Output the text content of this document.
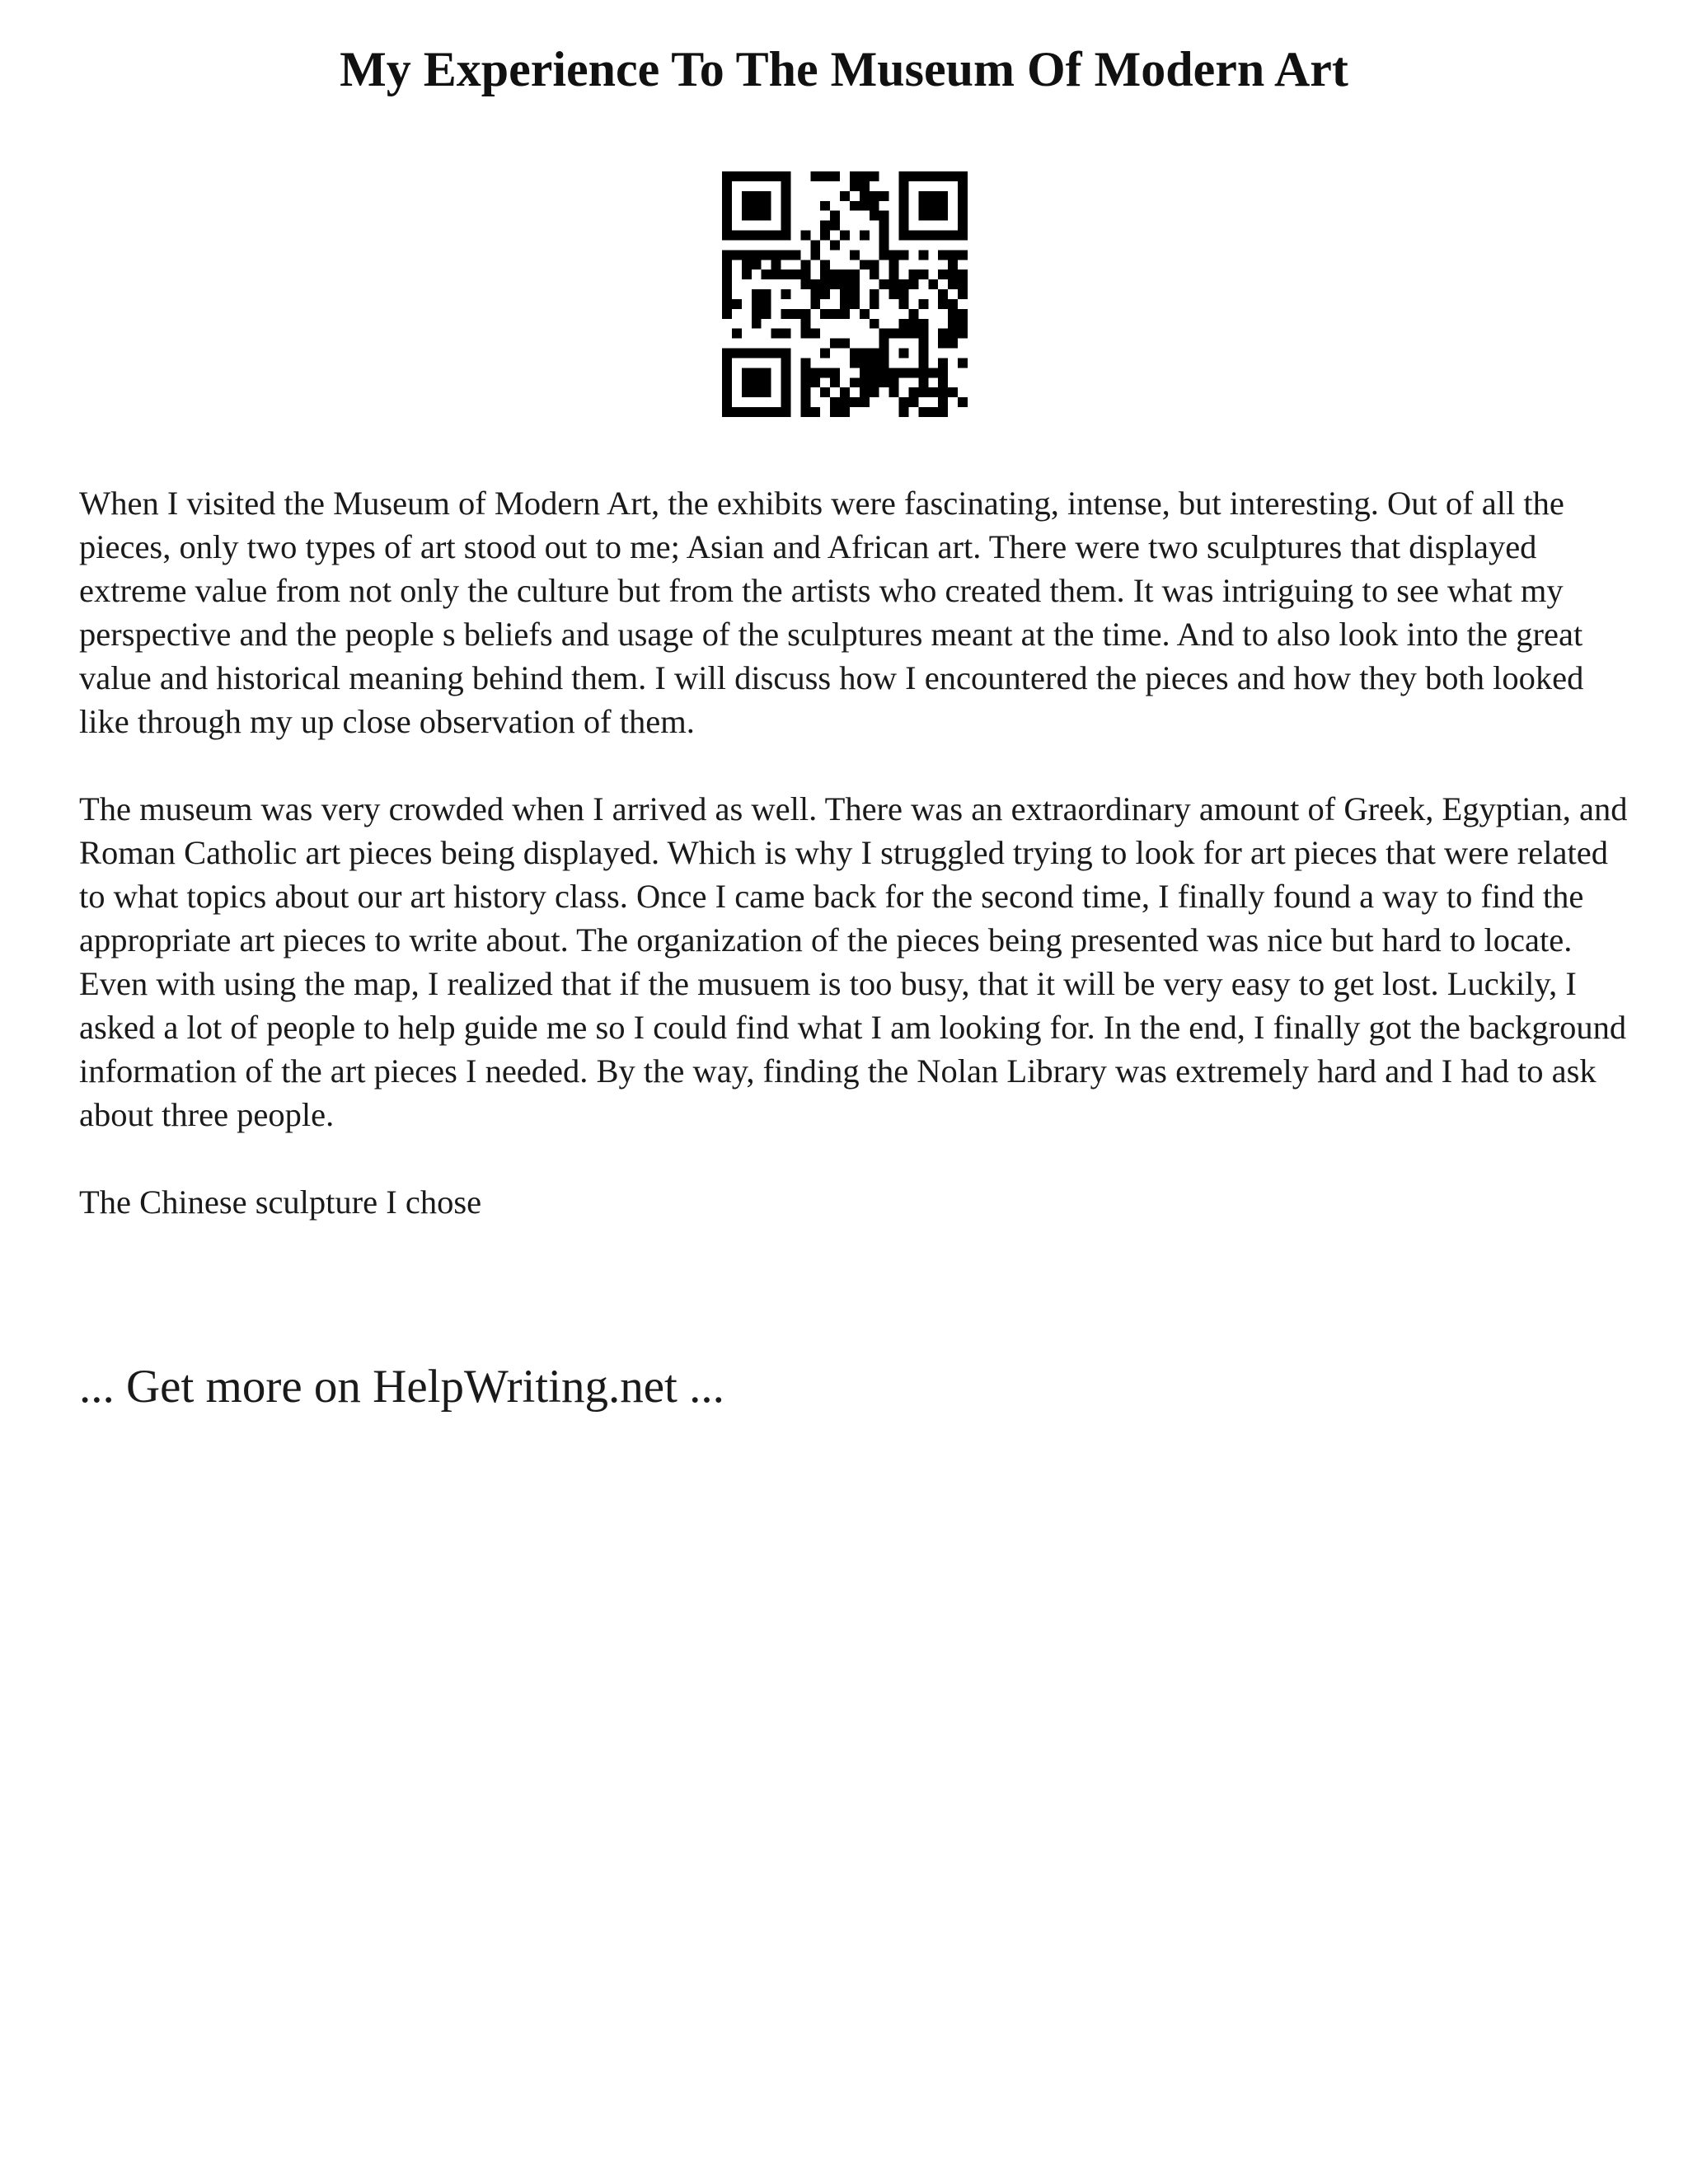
My Experience To The Museum Of Modern Art

When I visited the Museum of Modern Art, the exhibits were fascinating, intense, but interesting. Out of all the pieces, only two types of art stood out to me; Asian and African art. There were two sculptures that displayed extreme value from not only the culture but from the artists who created them. It was intriguing to see what my perspective and the people s beliefs and usage of the sculptures meant at the time. And to also look into the great value and historical meaning behind them. I will discuss how I encountered the pieces and how they both looked like through my up close observation of them.

The museum was very crowded when I arrived as well. There was an extraordinary amount of Greek, Egyptian, and Roman Catholic art pieces being displayed. Which is why I struggled trying to look for art pieces that were related to what topics about our art history class. Once I came back for the second time, I finally found a way to find the appropriate art pieces to write about. The organization of the pieces being presented was nice but hard to locate. Even with using the map, I realized that if the musuem is too busy, that it will be very easy to get lost. Luckily, I asked a lot of people to help guide me so I could find what I am looking for. In the end, I finally got the background information of the art pieces I needed. By the way, finding the Nolan Library was extremely hard and I had to ask about three people.

The Chinese sculpture I chose

... Get more on HelpWriting.net ...
